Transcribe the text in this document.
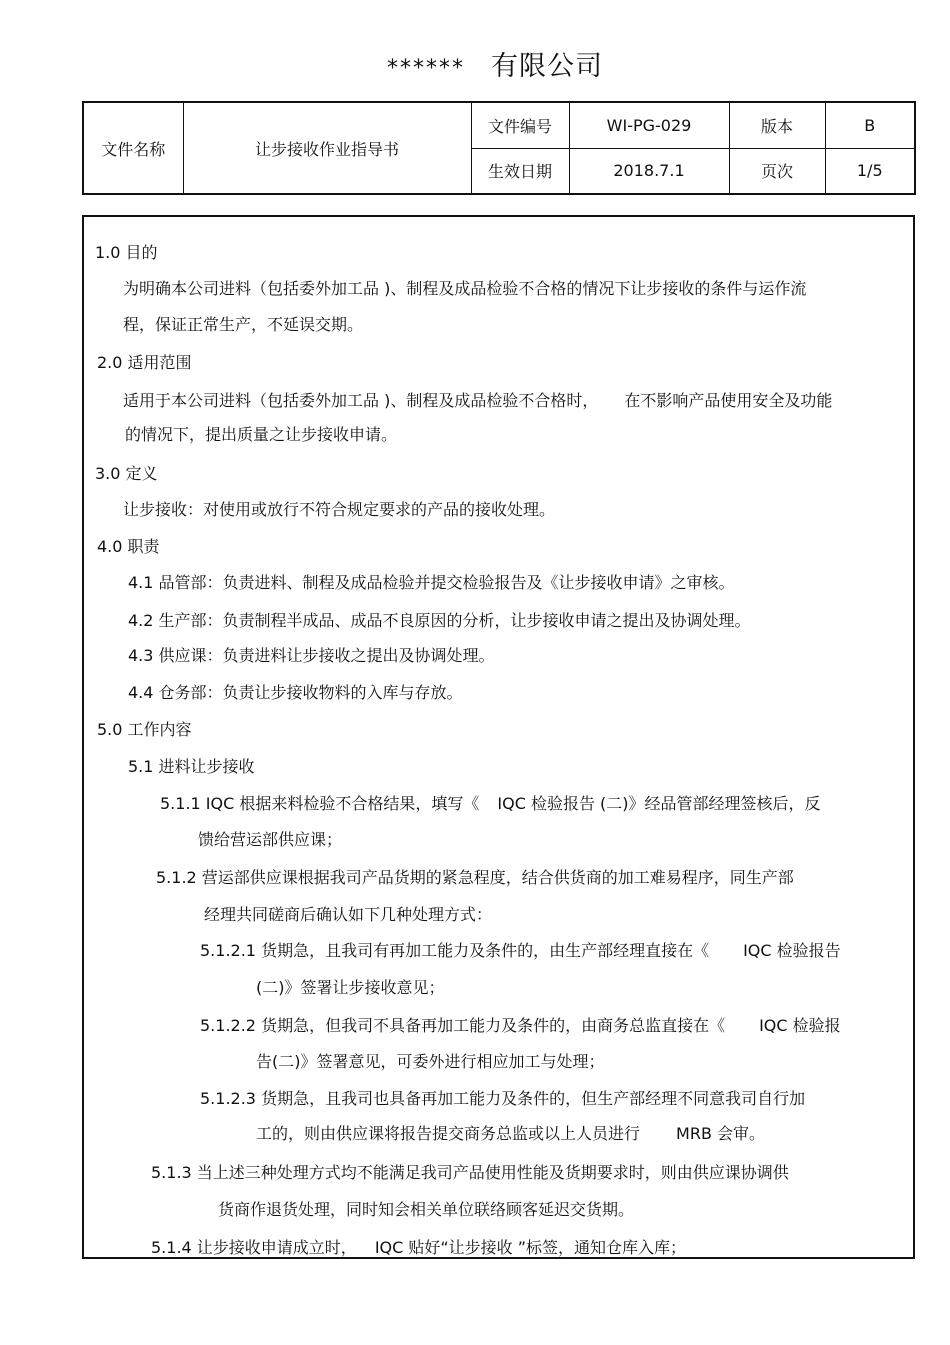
****** 有限公司
文件名称	让步接收作业指导书	文件编号	WI-PG-029	版本	B
		生效日期	2018.7.1	页次	1/5
1.0 目的
为明确本公司进料（包括委外加工品 )、制程及成品检验不合格的情况下让步接收的条件与运作流
程，保证正常生产，不延误交期。
2.0 适用范围
适用于本公司进料（包括委外加工品 )、制程及成品检验不合格时， 在不影响产品使用安全及功能
的情况下，提出质量之让步接收申请。
3.0 定义
让步接收：对使用或放行不符合规定要求的产品的接收处理。
4.0 职责
4.1 品管部：负责进料、制程及成品检验并提交检验报告及《让步接收申请》之审核。
4.2 生产部：负责制程半成品、成品不良原因的分析，让步接收申请之提出及协调处理。
4.3 供应课：负责进料让步接收之提出及协调处理。
4.4 仓务部：负责让步接收物料的入库与存放。
5.0 工作内容
5.1 进料让步接收
5.1.1 IQC 根据来料检验不合格结果，填写《 IQC 检验报告 (二)》经品管部经理签核后，反
馈给营运部供应课；
5.1.2 营运部供应课根据我司产品货期的紧急程度，结合供货商的加工难易程序，同生产部
经理共同磋商后确认如下几种处理方式：
5.1.2.1 货期急，且我司有再加工能力及条件的，由生产部经理直接在《 IQC 检验报告
(二)》签署让步接收意见；
5.1.2.2 货期急，但我司不具备再加工能力及条件的，由商务总监直接在《 IQC 检验报
告(二)》签署意见，可委外进行相应加工与处理；
5.1.2.3 货期急，且我司也具备再加工能力及条件的，但生产部经理不同意我司自行加
工的，则由供应课将报告提交商务总监或以上人员进行 MRB 会审。
5.1.3 当上述三种处理方式均不能满足我司产品使用性能及货期要求时，则由供应课协调供
货商作退货处理，同时知会相关单位联络顾客延迟交货期。
5.1.4 让步接收申请成立时， IQC 贴好“让步接收 ”标签，通知仓库入库；
